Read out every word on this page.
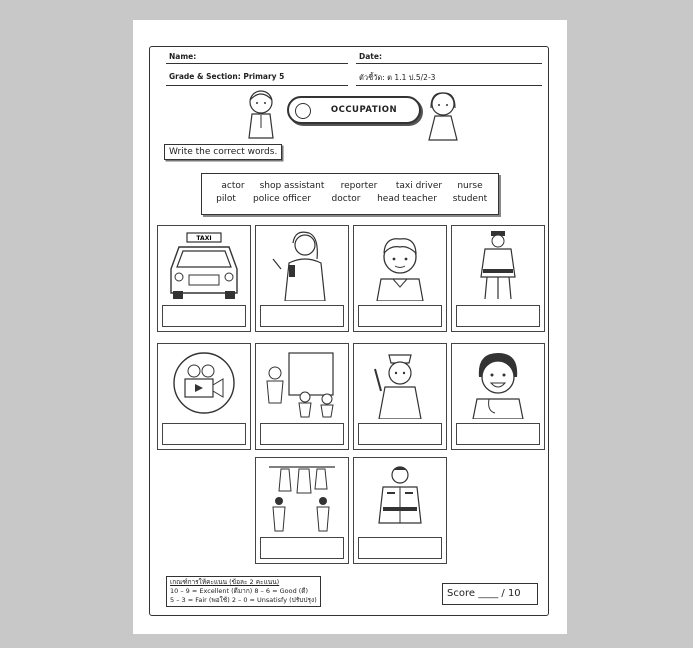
Name:	Date:
Grade & Section: Primary 5	ตัวชี้วัด: ต 1.1 ป.5/2-3
OCCUPATION
Write the correct words.
actor shop assistant reporter taxi driver nurse
pilot police officer doctor head teacher student
TAXI
เกณฑ์การให้คะแนน (ข้อละ 2 คะแนน)
10 – 9 = Excellent (ดีมาก) 8 – 6 = Good (ดี)
5 – 3 = Fair (พอใช้) 2 – 0 = Unsatisfy (ปรับปรุง)
Score ____ / 10
